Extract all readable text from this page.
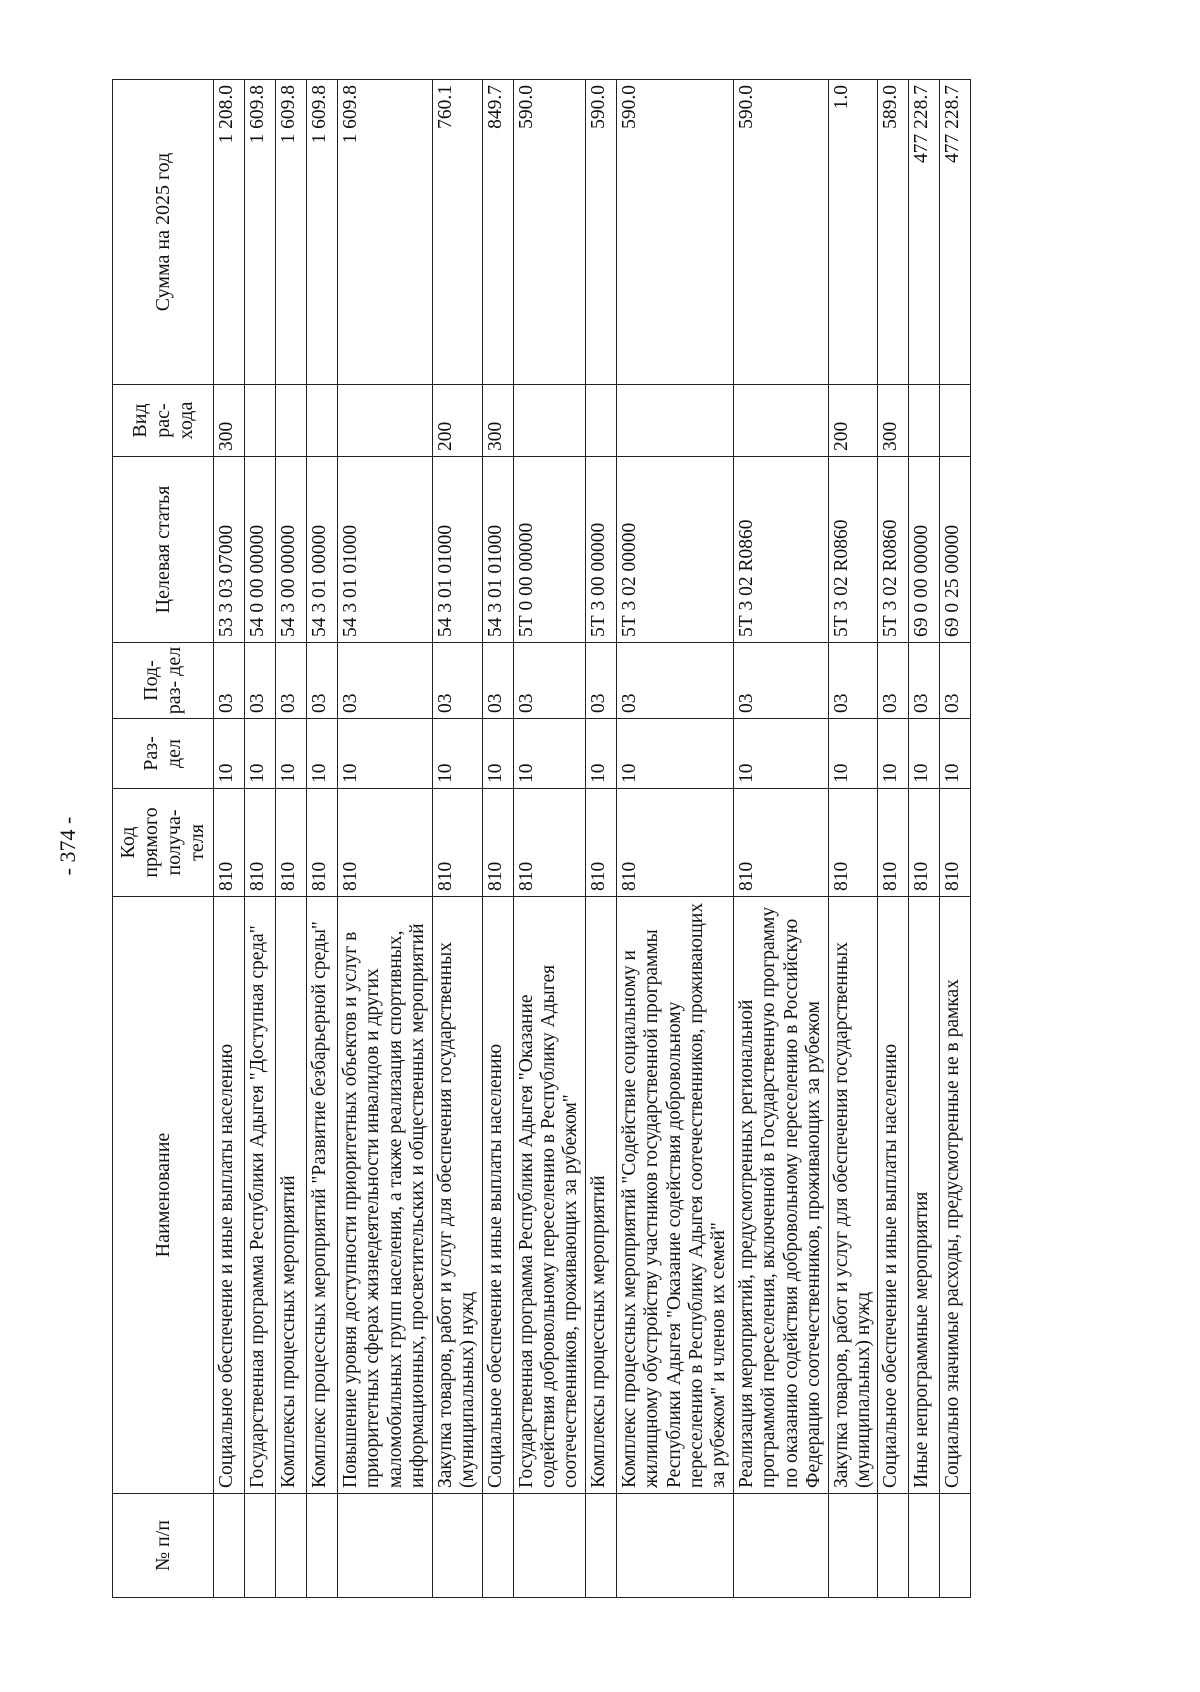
- 374 -
№ п/п	Наименование	Код прямого получа- теля	Раз- дел	Под- раз- дел	Целевая статья	Вид рас- хода	Сумма на 2025 год
	Социальное обеспечение и иные выплаты населению	810	10	03	53 3 03 07000	300	1 208.0
	Государственная программа Республики Адыгея "Доступная среда"	810	10	03	54 0 00 00000		1 609.8
	Комплексы процессных мероприятий	810	10	03	54 3 00 00000		1 609.8
	Комплекс процессных мероприятий "Развитие безбарьерной среды"	810	10	03	54 3 01 00000		1 609.8
	Повышение уровня доступности приоритетных объектов и услуг в приоритетных сферах жизнедеятельности инвалидов и других маломобильных групп населения, а также реализация спортивных, информационных, просветительских и общественных мероприятий	810	10	03	54 3 01 01000		1 609.8
	Закупка товаров, работ и услуг для обеспечения государственных (муниципальных) нужд	810	10	03	54 3 01 01000	200	760.1
	Социальное обеспечение и иные выплаты населению	810	10	03	54 3 01 01000	300	849.7
	Государственная программа Республики Адыгея "Оказание содействия добровольному переселению в Республику Адыгея соотечественников, проживающих за рубежом"	810	10	03	5Т 0 00 00000		590.0
	Комплексы процессных мероприятий	810	10	03	5Т 3 00 00000		590.0
	Комплекс процессных мероприятий "Содействие социальному и жилищному обустройству участников государственной программы Республики Адыгея "Оказание содействия добровольному переселению в Республику Адыгея соотечественников, проживающих за рубежом" и членов их семей"	810	10	03	5Т 3 02 00000		590.0
	Реализация мероприятий, предусмотренных региональной программой переселения, включенной в Государственную программу по оказанию содействия добровольному переселению в Российскую Федерацию соотечественников, проживающих за рубежом	810	10	03	5Т 3 02 R0860		590.0
	Закупка товаров, работ и услуг для обеспечения государственных (муниципальных) нужд	810	10	03	5Т 3 02 R0860	200	1.0
	Социальное обеспечение и иные выплаты населению	810	10	03	5Т 3 02 R0860	300	589.0
	Иные непрограммные мероприятия	810	10	03	69 0 00 00000		477 228.7
	Социально значимые расходы, предусмотренные не в рамках	810	10	03	69 0 25 00000		477 228.7
